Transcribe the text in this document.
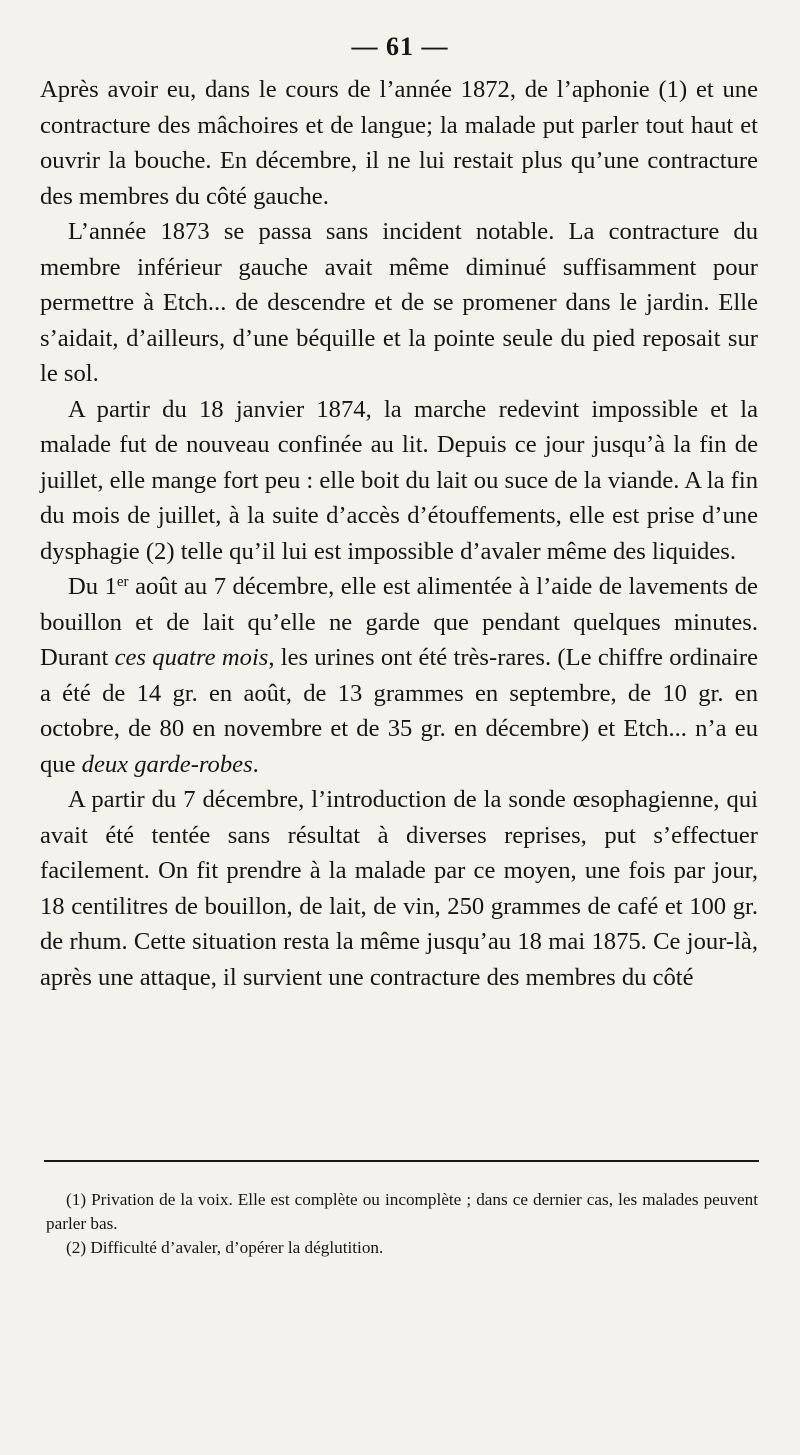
— 61 —

Après avoir eu, dans le cours de l’année 1872, de l’aphonie (1) et une contracture des mâchoires et de langue; la malade put parler tout haut et ouvrir la bouche. En décembre, il ne lui restait plus qu’une contracture des membres du côté gauche.

L’année 1873 se passa sans incident notable. La contracture du membre inférieur gauche avait même diminué suffisamment pour permettre à Etch... de descendre et de se promener dans le jardin. Elle s’aidait, d’ailleurs, d’une béquille et la pointe seule du pied reposait sur le sol.

A partir du 18 janvier 1874, la marche redevint impossible et la malade fut de nouveau confinée au lit. Depuis ce jour jusqu’à la fin de juillet, elle mange fort peu : elle boit du lait ou suce de la viande. A la fin du mois de juillet, à la suite d’accès d’étouffements, elle est prise d’une dysphagie (2) telle qu’il lui est impossible d’avaler même des liquides.

Du 1er août au 7 décembre, elle est alimentée à l’aide de lavements de bouillon et de lait qu’elle ne garde que pendant quelques minutes. Durant ces quatre mois, les urines ont été très-rares. (Le chiffre ordinaire a été de 14 gr. en août, de 13 grammes en septembre, de 10 gr. en octobre, de 80 en novembre et de 35 gr. en décembre) et Etch... n’a eu que deux garde-robes.

A partir du 7 décembre, l’introduction de la sonde œsophagienne, qui avait été tentée sans résultat à diverses reprises, put s’effectuer facilement. On fit prendre à la malade par ce moyen, une fois par jour, 18 centilitres de bouillon, de lait, de vin, 250 grammes de café et 100 gr. de rhum. Cette situation resta la même jusqu’au 18 mai 1875. Ce jour-là, après une attaque, il survient une contracture des membres du côté

(1) Privation de la voix. Elle est complète ou incomplète ; dans ce dernier cas, les malades peuvent parler bas.

(2) Difficulté d’avaler, d’opérer la déglutition.
